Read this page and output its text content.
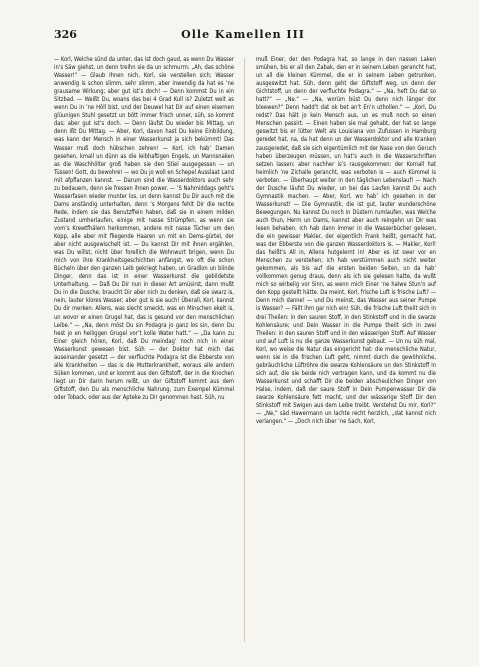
326	Olle Kamellen III

— Korl, Welche sünd da unter, das ist doch gaud, as wenn Du Wasser in’s Säw giehst, un denn treihn sie da un schmurrn: „Ah, das schöne Wasser!“ — Glaub Ihnen nich, Korl, sie verstellen sich; Wasser anwendig is schon slimm, sehr slimm, aber inwendig da hat es ’ne grausame Wirkung; aber gut ist’s doch! — Denn kommst Du in ein Sitzbad. — Weißt Du, woans das bei 4 Grad Kull is? Zuletzt weit as wenn Du in ’ne Höll bist, und der Deuwel hat Dir auf einen eisernen glüunigen Stuhl gesetzt un bött immer frisch unner, süh, so kommt das; aber gut ist’s doch. — Denn läufst Du wieder bis Mittag, un denn ißt Du Mittag. — Aber, Korl, davon hast Du keine Einbildung, was kann der Mensch in einer Wasserkunst ja sich bekümmt! Das Wasser muß doch hübschen zehren! — Korl, ich hab’ Damen gesehen, kmall un dünn as die leibhaftigen Engels, un Mannsnaken as die Waschhölter groß haben sie den Stiel ausgegessen — un Tüssen! Gott, du bewohre! — wo Du jo woll en Schepel Ausslaat Land mit afpflanzen kannst. — Darum sind die Wasserdoktors auch sehr zu bedauern, denn sie fressen ihnen power. — ’S Nahmiddags geht’s Wasserfasen wieder munter los, un denn kannst Du Dir auch mit die Dams anständig unterhalten, denn ’s Morgens fehlt Dir die rechte Rede, indem sie das Benutzffein haben, daß sie in einem milden Zustand umherlaufen, einige mit nasse Strümpfen, as wenn sie vom’s Krewtfhälern herkommen, andere mit nasse Tücher um den Kopp, alle aber mit fliegende Haaren un mit en Dems-gürtel, der aber nicht ausgewischelt ist. — Du kannst Dir mit ihnen ergählen, was Du willst, nicht über forellich die Wohnwurt brigen, wenn Du mich von ihre Krankheitsgeschichten anfängst, wo oft die schon Bücheln über den ganzen Leib gekriegt haben, un Gradlon un blinde Dinger, denn das ist in einer Wasserkunst die gebildetste Unterhaltung. — Daß Du Dir nun in dieser Art amüsirst, dann mußt Du in die Dusche, braucht Dir aber nich zu denken, daß sie swarz is, nein, lauter klores Wasser; aber gut is sie auch! Überall, Korl, kannst Du dir merken: Allens, was slecht smeckt, was en Minschen ekelt is, un wovor er einen Grugel hat, das is gesund vor den menschlichen Leibe.“ — „Na, denn möst Du sin Podagra jo ganz los sin, denn Du hest jo en heiliggen Grugel vor’t kolle Water hatt.“ — „Da kann zu Einer gleich hören, Korl, daß Du meindag’ noch nich in einer Wasserkunst gewesen bist. Süh — der Doktor hat mich das auseinander gesetzt — der verfluchte Podagra ist die Ebberste von alle Krankheiten — das is die Mutterkrankheit, woraus alle andern Süken kommen, und er kommt aus den Giftstoff, der in die Knochen liegt un Dir darin herum reißt, un der Giftstoff kommt aus dem Giftstoff, den Du als menschliche Nahrung, zum Exempel Kümmel oder Toback, oder aus der Apteke zu Dir genommen hast. Süh, nu

muß Einer, der den Podagra hat, so lange in den nassen Laken smühen, bis er all den Zabak, den er in seinem Leben gerancht hat, un all die kleinen Kümmel, die er in seinem Leben getrunken, ausgeswitzt hat. Süh, denn geht der Giftstoff weg, un denn der Gichtstoff, un denn der verfluchte Podagra.“ — „Na, heft Du dat so hatt?“ — „Ne.“ — „Na, worüm büst Du denn nich länger dor bleewen?“ Denn hadd’t dat ok bet an’t En’n uthollen.“ — „Korl, Du redst? Das hält jo kein Mensch aus, un es muß noch so einen Menschen passirt. — Einen haben sie mal gehabt, der hat so lange geswitzt bis er lütter Welt als Louisiana von Zufussen in Hamburg geredet hat, na, da hat denn un der Wasserdoktor und alle Kranken zausgeredet, daß sie sich eigentümlich mit der Nase von den Geruch haben überzeugen müssen, un hat’s auch in die Wasserschriften setzen lassen: aber nachher is’s rausgekommen: der Kornall hat heimlich ’ne Zichalle gerancht, was verboten is — auch Kümmel is verboten. — Überhaupt weiter in den täglichen Lebenslauf! — Nach der Dusche läufst Du wieder, un bei das Laufen kannst Du auch Gymnastik machen. — Aber, Korl, wo hab’ ich gesehen in der Wasserkunst! — Die Gymnastik, die ist gut, lauter wunderschöne Bewegungen. Nu kannst Du noch in Düstern rumlaufen, was Welche auch thun, Herrn un Dams, kannst aber auch reingehn un Dir was lesen behaben. Ich hab dann immer in die Wasserbücher gelesen, die ein gewisser Makler, der eigentlich Frank heißt, gemacht hat, was der Ebberste von die ganzen Wasserdoktors is. — Makler, Korl! das heißt’s All in, Allens hutgelernt in! Aber es ist swer vor en Menschen zu verstehen; ich hab verstümmen auch nicht weiter gekommen, als bis auf die ersten beiden Seiten, un da hab’ vollkommen genug draus, denn als ich sie gelesen hatte, da wußt mich so wirbelig vor Sinn, as wenn mich Einer ’ne halwe Stun’n auf den Kopp gestellt hätte. Da meint, Korl, frische Luft is frische Luft? — Denn mich danne! — und Du meinst, das Wasser aus seiner Pumpe is Wasser? — Fällt ihm gar nich ein! Süh, die frische Luft theilt sich in drei Theilen: in den sauren Stoff, in den Stinkstoff und in die swarze Kohlensäure; und Dein Wasser in die Pumpe theilt sich in zwei Theilen: in den sauren Stoff und in den wässerigen Stoff. Auf Wasser und auf Luft is nu die ganze Wasserkunst gebaut. — Un nu süh mal, Korl, wo weise die Natur das eingericht hat: die menschliche Natur, wenn sie in die frischen Luft geht, nimmt durch die gewöhnliche, gebräuchliche Lüftröhre die swarze Kohlensäure un den Stinkstoff in sich auf, die sie beide nich vertragen kann, und da kommt nu die Wasserkunst und schafft Dir die beiden abscheulichen Dinger von Halse, indem, daß der saure Stoff in Dein Pumpenwasser Dir die swarze Kohlensäure fett macht, und der wässerige Stoff Dir den Stinkstoff mit Swigen aus dem Leibe treibt. Verstehst Du mir, Korl?“ — „Ne,“ säd Hawermann un lachte recht herzlich, „dat kannst nich verlangen.“ — „Doch nich über ’ne Sach, Korl,
